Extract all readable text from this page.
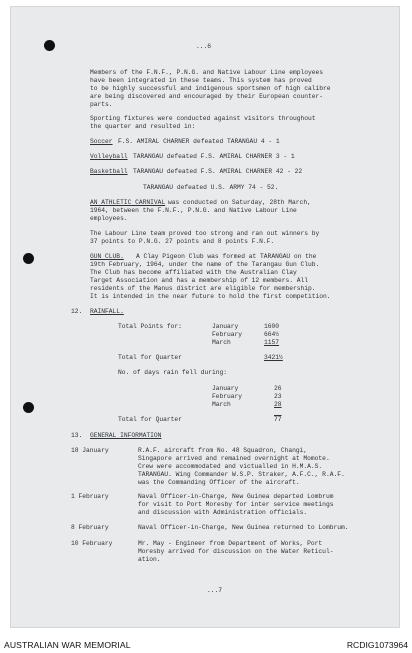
...6
Members of the F.N.F., P.N.G. and Native Labour Line employees
have been integrated in these teams. This system has proved
to be highly successful and indigenous sportsmen of high calibre
are being discovered and encouraged by their European counter-
parts.
Sporting fixtures were conducted against visitors throughout
the quarter and resulted in:
Soccer F.S. AMIRAL CHARNER defeated TARANGAU 4 - 1
Volleyball TARANGAU defeated F.S. AMIRAL CHARNER 3 - 1
Basketball TARANGAU defeated F.S. AMIRAL CHARNER 42 - 22
TARANGAU defeated U.S. ARMY 74 - 52.
AN ATHLETIC CARNIVAL was conducted on Saturday, 28th March,
1964, between the F.N.F., P.N.G. and Native Labour Line
employees.
The Labour Line team proved too strong and ran out winners by
37 points to P.N.G. 27 points and 8 points F.N.F.
GUN CLUB. A Clay Pigeon Club was formed at TARANGAU on the
19th February, 1964, under the name of the Tarangau Gun Club.
The Club has become affiliated with the Australian Clay
Target Association and has a membership of 12 members. All
residents of the Manus district are eligible for membership.
It is intended in the near future to hold the first competition.
12. RAINFALL.
Total Points for:	January	1600
February	664½
March	1157
Total for Quarter	3421½
No. of days rain fell during:
January	26
February	23
March	28
Total for Quarter	77
13. GENERAL INFORMATION
18 January	R.A.F. aircraft from No. 48 Squadron, Changi,
Singapore arrived and remained overnight at Momote.
Crew were accommodated and victualled in H.M.A.S.
TARANGAU. Wing Commander W.S.P. Straker, A.F.C., R.A.F.
was the Commanding Officer of the aircraft.
1 February	Naval Officer-in-Charge, New Guinea departed Lombrum
for visit to Port Moresby for inter service meetings
and discussion with Administration officials.
8 February	Naval Officer-in-Charge, New Guinea returned to Lombrum.
10 February	Mr. May - Engineer from Department of Works, Port
Moresby arrived for discussion on the Water Reticul-
ation.
...7
AUSTRALIAN WAR MEMORIAL	RCDIG1073964
